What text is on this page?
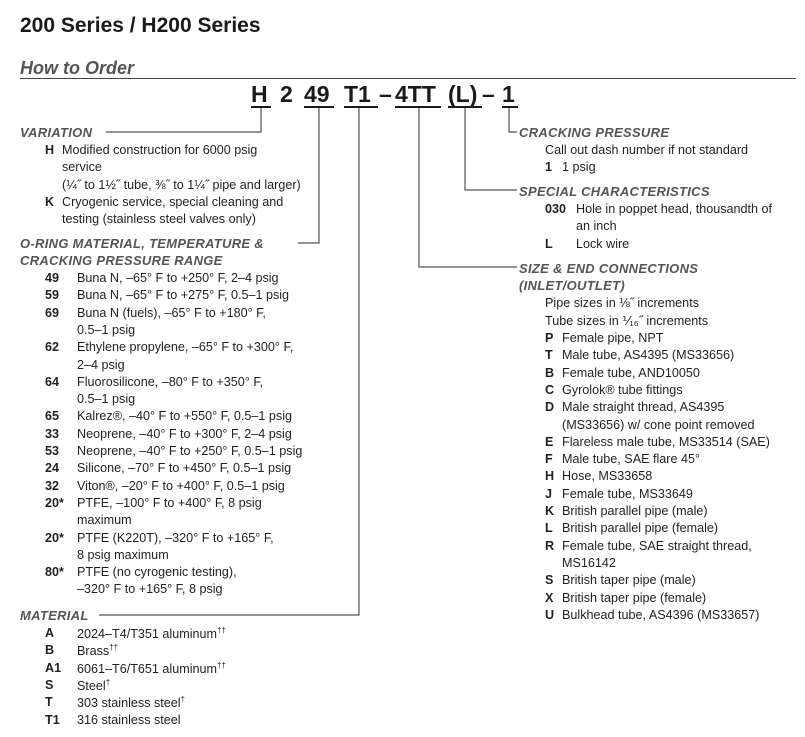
200 Series / H200 Series
How to Order
H 2 49 T1 – 4TT (L) – 1
VARIATION
H Modified construction for 6000 psig
service
(¼˝ to 1½˝ tube, ⅜˝ to 1¼˝ pipe and larger)
K Cryogenic service, special cleaning and
testing (stainless steel valves only)
O-RING MATERIAL, TEMPERATURE &
CRACKING PRESSURE RANGE
49 Buna N, –65° F to +250° F, 2–4 psig
59 Buna N, –65° F to +275° F, 0.5–1 psig
69 Buna N (fuels), –65° F to +180° F,
0.5–1 psig
62 Ethylene propylene, –65° F to +300° F,
2–4 psig
64 Fluorosilicone, –80° F to +350° F,
0.5–1 psig
65 Kalrez®, –40° F to +550° F, 0.5–1 psig
33 Neoprene, –40° F to +300° F, 2–4 psig
53 Neoprene, –40° F to +250° F, 0.5–1 psig
24 Silicone, –70° F to +450° F, 0.5–1 psig
32 Viton®, –20° F to +400° F, 0.5–1 psig
20* PTFE, –100° F to +400° F, 8 psig
maximum
20* PTFE (K220T), –320° F to +165° F,
8 psig maximum
80* PTFE (no cyrogenic testing),
–320° F to +165° F, 8 psig
MATERIAL
A 2024–T4/T351 aluminum††
B Brass††
A1 6061–T6/T651 aluminum††
S Steel†
T 303 stainless steel†
T1 316 stainless steel
CRACKING PRESSURE
Call out dash number if not standard
1 1 psig
SPECIAL CHARACTERISTICS
030 Hole in poppet head, thousandth of
an inch
L Lock wire
SIZE & END CONNECTIONS
(INLET/OUTLET)
Pipe sizes in ⅛˝ increments
Tube sizes in ⅟₁₆˝ increments
P Female pipe, NPT
T Male tube, AS4395 (MS33656)
B Female tube, AND10050
C Gyrolok® tube fittings
D Male straight thread, AS4395
(MS33656) w/ cone point removed
E Flareless male tube, MS33514 (SAE)
F Male tube, SAE flare 45°
H Hose, MS33658
J Female tube, MS33649
K British parallel pipe (male)
L British parallel pipe (female)
R Female tube, SAE straight thread,
MS16142
S British taper pipe (male)
X British taper pipe (female)
U Bulkhead tube, AS4396 (MS33657)
